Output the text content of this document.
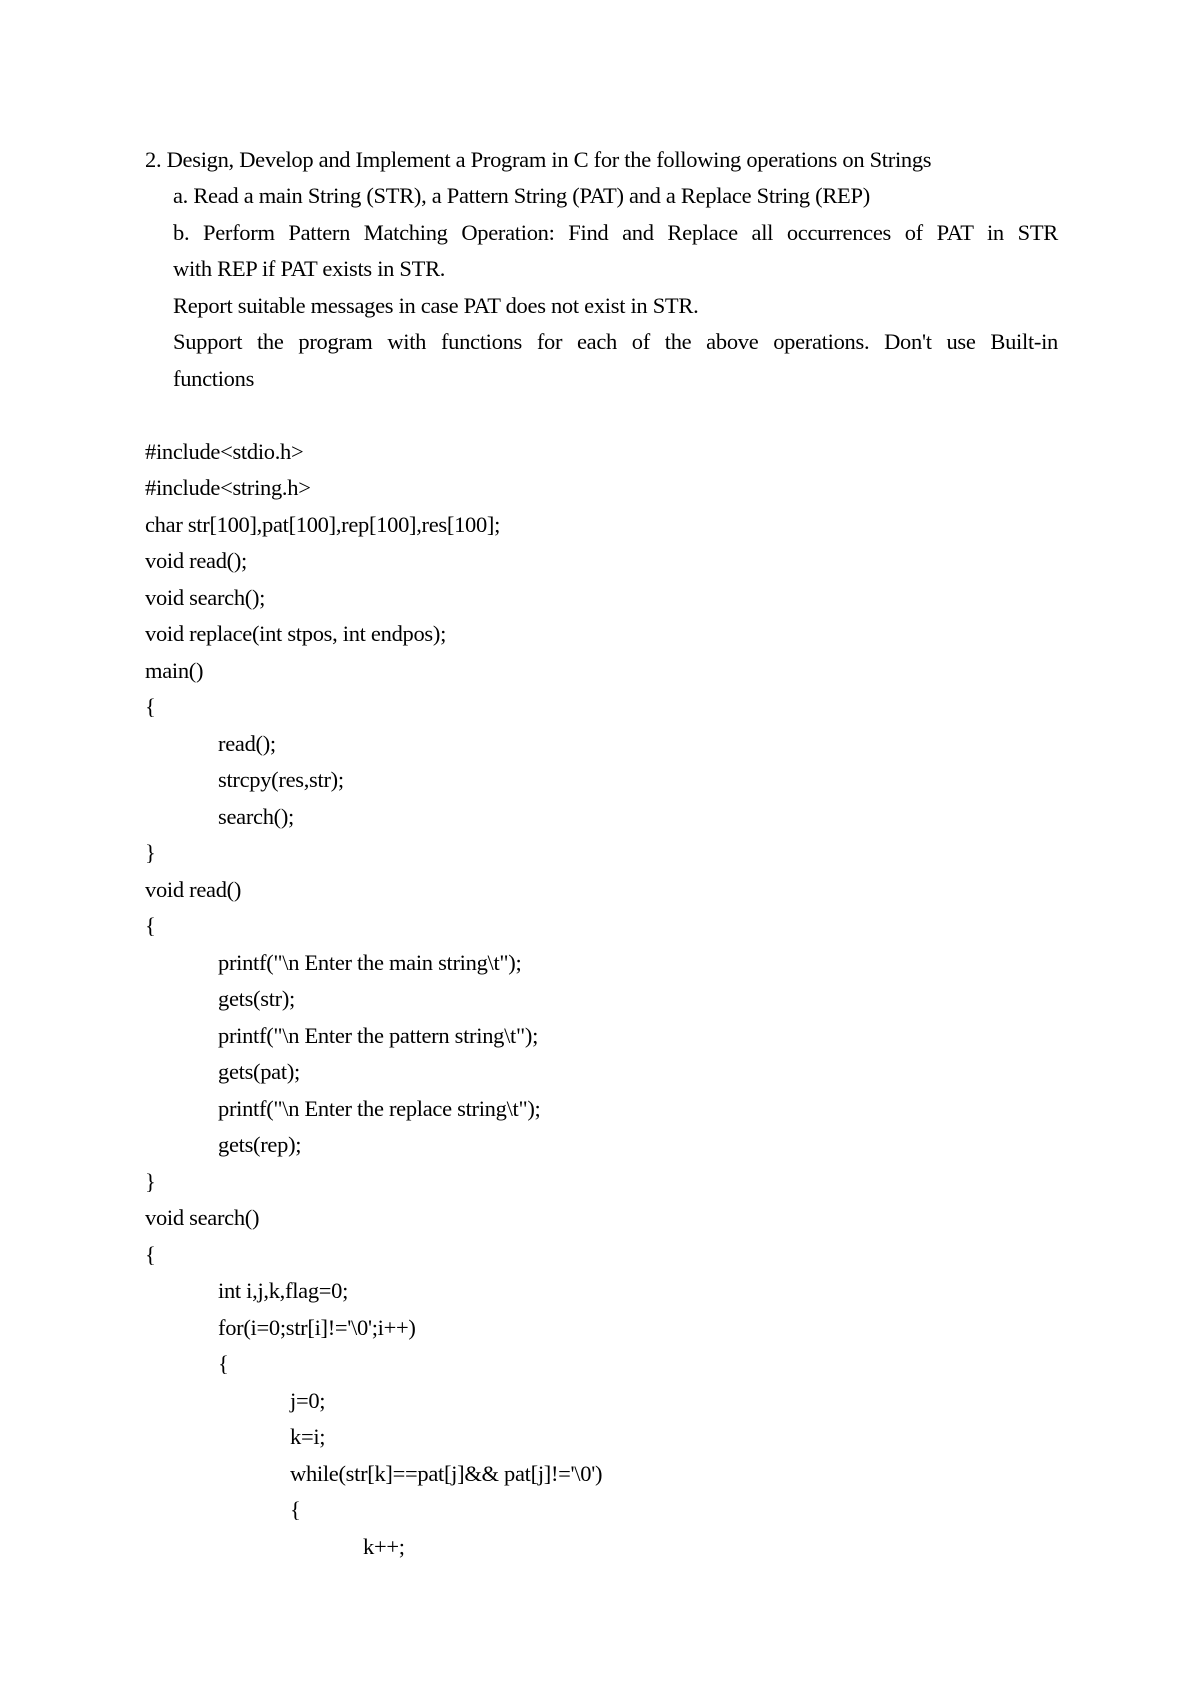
2. Design, Develop and Implement a Program in C for the following operations on Strings
a. Read a main String (STR), a Pattern String (PAT) and a Replace String (REP)
b. Perform Pattern Matching Operation: Find and Replace all occurrences of PAT in STR
with REP if PAT exists in STR.
Report suitable messages in case PAT does not exist in STR.
Support the program with functions for each of the above operations. Don't use Built-in
functions
#include<stdio.h>
#include<string.h>
char str[100],pat[100],rep[100],res[100];
void read();
void search();
void replace(int stpos, int endpos);
main()
{
read();
strcpy(res,str);
search();
}
void read()
{
printf("\n Enter the main string\t");
gets(str);
printf("\n Enter the pattern string\t");
gets(pat);
printf("\n Enter the replace string\t");
gets(rep);
}
void search()
{
int i,j,k,flag=0;
for(i=0;str[i]!='\0';i++)
{
j=0;
k=i;
while(str[k]==pat[j]&& pat[j]!='\0')
{
k++;
